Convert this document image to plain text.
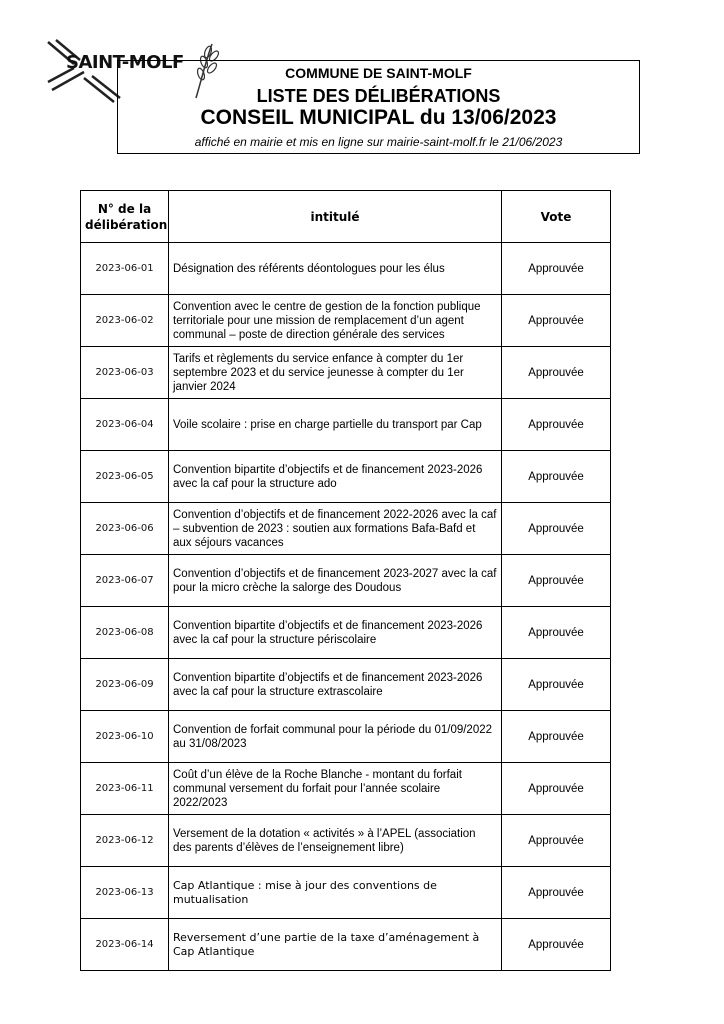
SAINT-MOLF	COMMUNE DE SAINT-MOLF
LISTE DES DÉLIBÉRATIONS
CONSEIL MUNICIPAL du 13/06/2023
affiché en mairie et mis en ligne sur mairie-saint-molf.fr le 21/06/2023
N° de la délibération	intitulé	Vote
2023-06-01	Désignation des référents déontologues pour les élus	Approuvée
2023-06-02	Convention avec le centre de gestion de la fonction publique territoriale pour une mission de remplacement d’un agent communal – poste de direction générale des services	Approuvée
2023-06-03	Tarifs et règlements du service enfance à compter du 1er septembre 2023 et du service jeunesse à compter du 1er janvier 2024	Approuvée
2023-06-04	Voile scolaire : prise en charge partielle du transport par Cap	Approuvée
2023-06-05	Convention bipartite d’objectifs et de financement 2023-2026 avec la caf pour la structure ado	Approuvée
2023-06-06	Convention d’objectifs et de financement 2022-2026 avec la caf – subvention de 2023 : soutien aux formations Bafa-Bafd et aux séjours vacances	Approuvée
2023-06-07	Convention d’objectifs et de financement 2023-2027 avec la caf pour la micro crèche la salorge des Doudous	Approuvée
2023-06-08	Convention bipartite d’objectifs et de financement 2023-2026 avec la caf pour la structure périscolaire	Approuvée
2023-06-09	Convention bipartite d’objectifs et de financement 2023-2026 avec la caf pour la structure extrascolaire	Approuvée
2023-06-10	Convention de forfait communal pour la période du 01/09/2022 au 31/08/2023	Approuvée
2023-06-11	Coût d’un élève de la Roche Blanche - montant du forfait communal versement du forfait pour l’année scolaire 2022/2023	Approuvée
2023-06-12	Versement de la dotation « activités » à l’APEL (association des parents d’élèves de l’enseignement libre)	Approuvée
2023-06-13	Cap Atlantique : mise à jour des conventions de mutualisation	Approuvée
2023-06-14	Reversement d’une partie de la taxe d’aménagement à Cap Atlantique	Approuvée
